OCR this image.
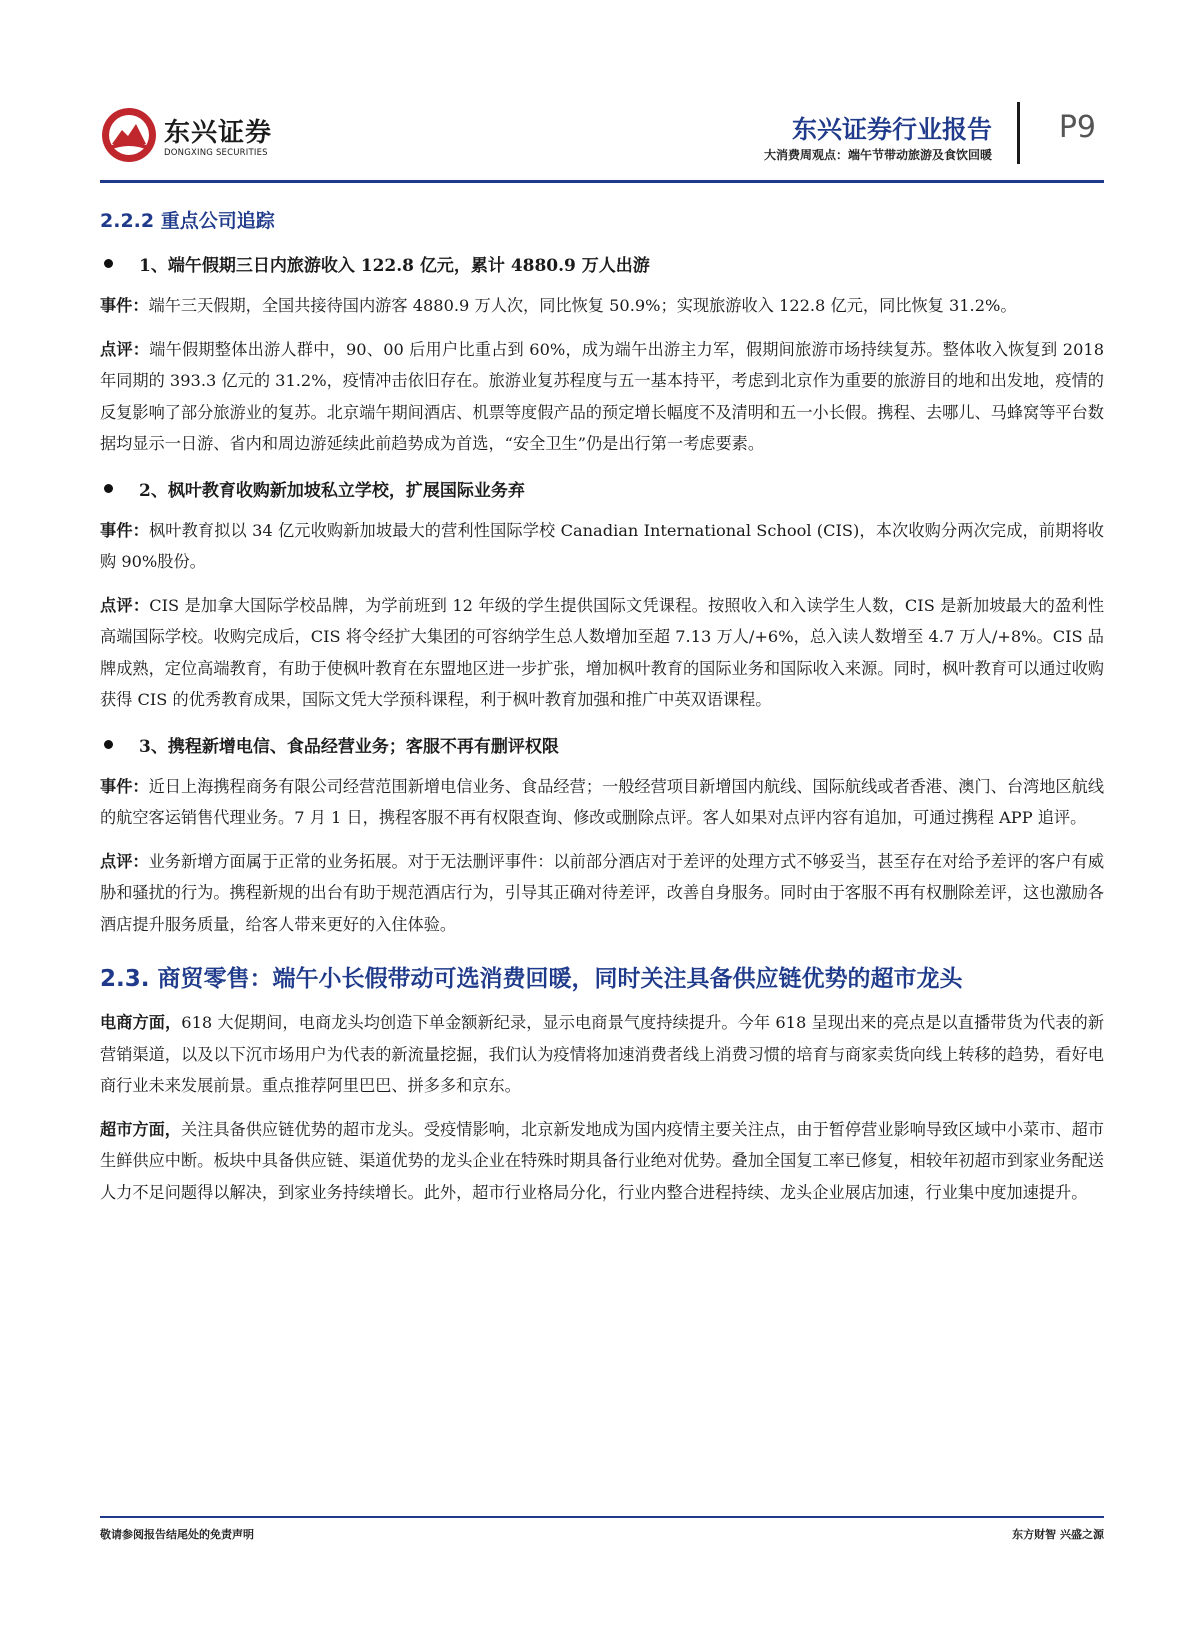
东兴证券
DONGXING SECURITIES
东兴证券行业报告
大消费周观点：端午节带动旅游及食饮回暖
P9
2.2.2 重点公司追踪
1、端午假期三日内旅游收入 122.8 亿元，累计 4880.9 万人出游

事件：端午三天假期，全国共接待国内游客 4880.9 万人次，同比恢复 50.9%；实现旅游收入 122.8 亿元，同比恢复 31.2%。

点评：端午假期整体出游人群中，90、00 后用户比重占到 60%，成为端午出游主力军，假期间旅游市场持续复苏。整体收入恢复到 2018 年同期的 393.3 亿元的 31.2%，疫情冲击依旧存在。旅游业复苏程度与五一基本持平，考虑到北京作为重要的旅游目的地和出发地，疫情的反复影响了部分旅游业的复苏。北京端午期间酒店、机票等度假产品的预定增长幅度不及清明和五一小长假。携程、去哪儿、马蜂窝等平台数据均显示一日游、省内和周边游延续此前趋势成为首选，“安全卫生”仍是出行第一考虑要素。

2、枫叶教育收购新加坡私立学校，扩展国际业务弃

事件：枫叶教育拟以 34 亿元收购新加坡最大的营利性国际学校 Canadian International School (CIS)，本次收购分两次完成，前期将收购 90%股份。

点评：CIS 是加拿大国际学校品牌，为学前班到 12 年级的学生提供国际文凭课程。按照收入和入读学生人数，CIS 是新加坡最大的盈利性高端国际学校。收购完成后，CIS 将令经扩大集团的可容纳学生总人数增加至超 7.13 万人/+6%，总入读人数增至 4.7 万人/+8%。CIS 品牌成熟，定位高端教育，有助于使枫叶教育在东盟地区进一步扩张，增加枫叶教育的国际业务和国际收入来源。同时，枫叶教育可以通过收购获得 CIS 的优秀教育成果，国际文凭大学预科课程，利于枫叶教育加强和推广中英双语课程。

3、携程新增电信、食品经营业务；客服不再有删评权限

事件：近日上海携程商务有限公司经营范围新增电信业务、食品经营；一般经营项目新增国内航线、国际航线或者香港、澳门、台湾地区航线的航空客运销售代理业务。7 月 1 日，携程客服不再有权限查询、修改或删除点评。客人如果对点评内容有追加，可通过携程 APP 追评。

点评：业务新增方面属于正常的业务拓展。对于无法删评事件：以前部分酒店对于差评的处理方式不够妥当，甚至存在对给予差评的客户有威胁和骚扰的行为。携程新规的出台有助于规范酒店行为，引导其正确对待差评，改善自身服务。同时由于客服不再有权删除差评，这也激励各酒店提升服务质量，给客人带来更好的入住体验。

2.3. 商贸零售：端午小长假带动可选消费回暖，同时关注具备供应链优势的超市龙头

电商方面，618 大促期间，电商龙头均创造下单金额新纪录，显示电商景气度持续提升。今年 618 呈现出来的亮点是以直播带货为代表的新营销渠道，以及以下沉市场用户为代表的新流量挖掘，我们认为疫情将加速消费者线上消费习惯的培育与商家卖货向线上转移的趋势，看好电商行业未来发展前景。重点推荐阿里巴巴、拼多多和京东。

超市方面，关注具备供应链优势的超市龙头。受疫情影响，北京新发地成为国内疫情主要关注点，由于暂停营业影响导致区域中小菜市、超市生鲜供应中断。板块中具备供应链、渠道优势的龙头企业在特殊时期具备行业绝对优势。叠加全国复工率已修复，相较年初超市到家业务配送人力不足问题得以解决，到家业务持续增长。此外，超市行业格局分化，行业内整合进程持续、龙头企业展店加速，行业集中度加速提升。

敬请参阅报告结尾处的免责声明	东方财智 兴盛之源
